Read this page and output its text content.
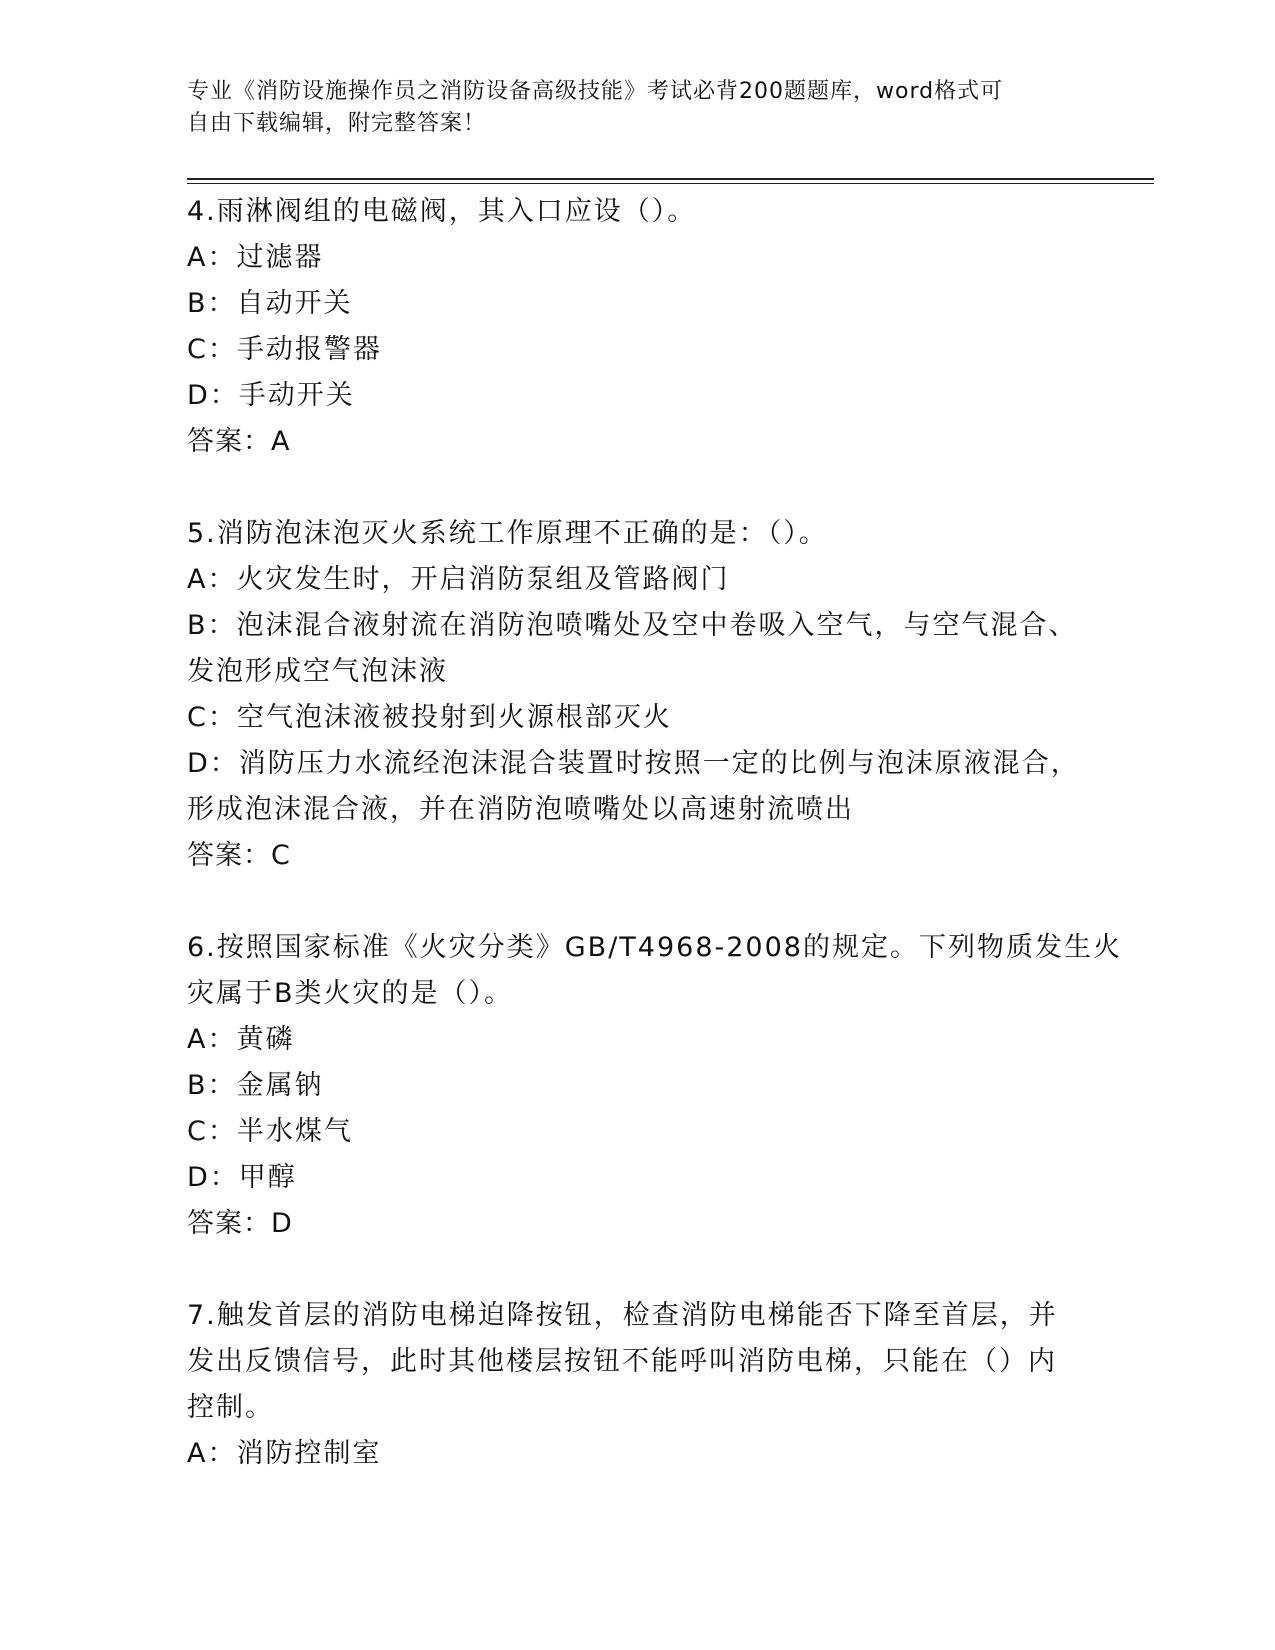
专业《消防设施操作员之消防设备高级技能》考试必背200题题库，word格式可
自由下载编辑，附完整答案！
4.雨淋阀组的电磁阀，其入口应设（）。
A：过滤器
B：自动开关
C：手动报警器
D：手动开关
答案：A
5.消防泡沫泡灭火系统工作原理不正确的是：（）。
A：火灾发生时，开启消防泵组及管路阀门
B：泡沫混合液射流在消防泡喷嘴处及空中卷吸入空气，与空气混合、
发泡形成空气泡沫液
C：空气泡沫液被投射到火源根部灭火
D：消防压力水流经泡沫混合装置时按照一定的比例与泡沫原液混合，
形成泡沫混合液，并在消防泡喷嘴处以高速射流喷出
答案：C
6.按照国家标准《火灾分类》GB/T4968-2008的规定。下列物质发生火
灾属于B类火灾的是（）。
A：黄磷
B：金属钠
C：半水煤气
D：甲醇
答案：D
7.触发首层的消防电梯迫降按钮，检查消防电梯能否下降至首层，并
发出反馈信号，此时其他楼层按钮不能呼叫消防电梯，只能在（）内
控制。
A：消防控制室
